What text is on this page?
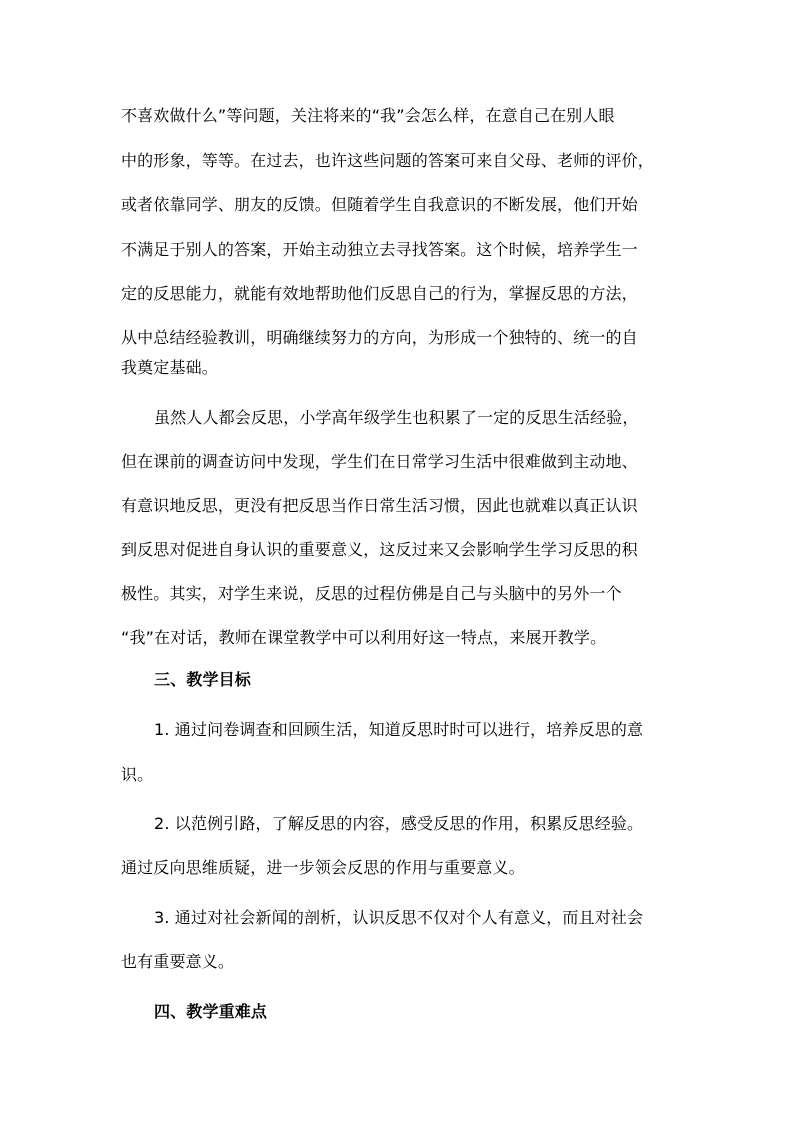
不喜欢做什么”等问题，关注将来的“我”会怎么样，在意自己在别人眼
中的形象，等等。在过去，也许这些问题的答案可来自父母、老师的评价，
或者依靠同学、朋友的反馈。但随着学生自我意识的不断发展，他们开始
不满足于别人的答案，开始主动独立去寻找答案。这个时候，培养学生一
定的反思能力，就能有效地帮助他们反思自己的行为，掌握反思的方法，
从中总结经验教训，明确继续努力的方向，为形成一个独特的、统一的自
我奠定基础。
虽然人人都会反思，小学高年级学生也积累了一定的反思生活经验，
但在课前的调查访问中发现，学生们在日常学习生活中很难做到主动地、
有意识地反思，更没有把反思当作日常生活习惯，因此也就难以真正认识
到反思对促进自身认识的重要意义，这反过来又会影响学生学习反思的积
极性。其实，对学生来说，反思的过程仿佛是自己与头脑中的另外一个
“我”在对话，教师在课堂教学中可以利用好这一特点，来展开教学。
三、教学目标
1. 通过问卷调查和回顾生活，知道反思时时可以进行，培养反思的意
识。
2. 以范例引路，了解反思的内容，感受反思的作用，积累反思经验。
通过反向思维质疑，进一步领会反思的作用与重要意义。
3. 通过对社会新闻的剖析，认识反思不仅对个人有意义，而且对社会
也有重要意义。
四、教学重难点
